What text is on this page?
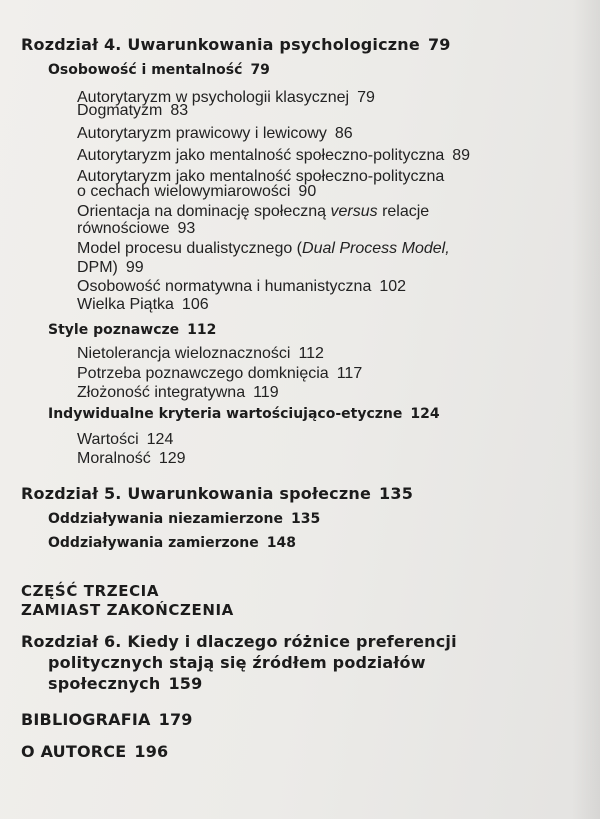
Rozdział 4. Uwarunkowania psychologiczne 79
Osobowość i mentalność 79
Autorytaryzm w psychologii klasycznej 79
Dogmatyzm 83
Autorytaryzm prawicowy i lewicowy 86
Autorytaryzm jako mentalność społeczno-polityczna 89
Autorytaryzm jako mentalność społeczno-polityczna
o cechach wielowymiarowości 90
Orientacja na dominację społeczną versus relacje
równościowe 93
Model procesu dualistycznego (Dual Process Model,
DPM) 99
Osobowość normatywna i humanistyczna 102
Wielka Piątka 106
Style poznawcze 112
Nietolerancja wieloznaczności 112
Potrzeba poznawczego domknięcia 117
Złożoność integratywna 119
Indywidualne kryteria wartościująco-etyczne 124
Wartości 124
Moralność 129
Rozdział 5. Uwarunkowania społeczne 135
Oddziaływania niezamierzone 135
Oddziaływania zamierzone 148
CZĘŚĆ TRZECIA
ZAMIAST ZAKOŃCZENIA
Rozdział 6. Kiedy i dlaczego różnice preferencji
politycznych stają się źródłem podziałów
społecznych 159
BIBLIOGRAFIA 179
O AUTORCE 196
